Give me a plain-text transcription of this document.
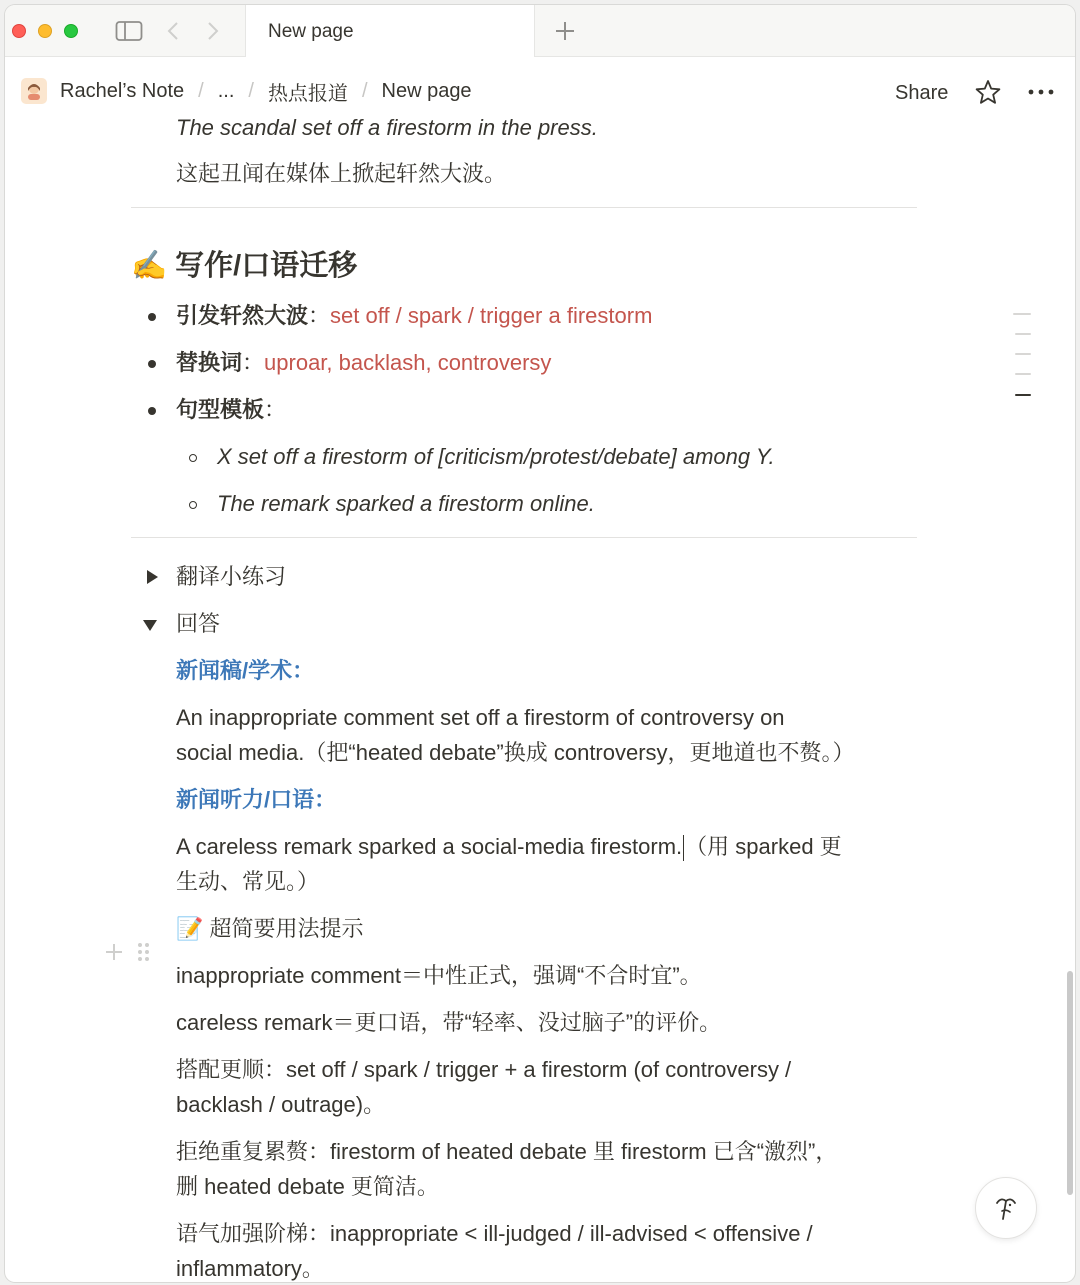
New page
Rachel’s Note / ... / 热点报道 / New page	Share
The scandal set off a firestorm in the press.
这起丑闻在媒体上掀起轩然大波。
✍️ 写作/口语迁移
引发轩然大波：set off / spark / trigger a firestorm
替换词：uproar, backlash, controversy
句型模板：
X set off a firestorm of [criticism/protest/debate] among Y.
The remark sparked a firestorm online.
翻译小练习
回答
新闻稿/学术：
An inappropriate comment set off a firestorm of controversy on
social media.（把“heated debate”换成 controversy，更地道也不赘。）
新闻听力/口语：
A careless remark sparked a social-media firestorm. （用 sparked 更
生动、常见。）
📝 超简要用法提示
inappropriate comment＝中性正式，强调“不合时宜”。
careless remark＝更口语，带“轻率、没过脑子”的评价。
搭配更顺：set off / spark / trigger + a firestorm (of controversy /
backlash / outrage)。
拒绝重复累赘：firestorm of heated debate 里 firestorm 已含“激烈”，
删 heated debate 更简洁。
语气加强阶梯：inappropriate < ill-judged / ill-advised < offensive /
inflammatory。
